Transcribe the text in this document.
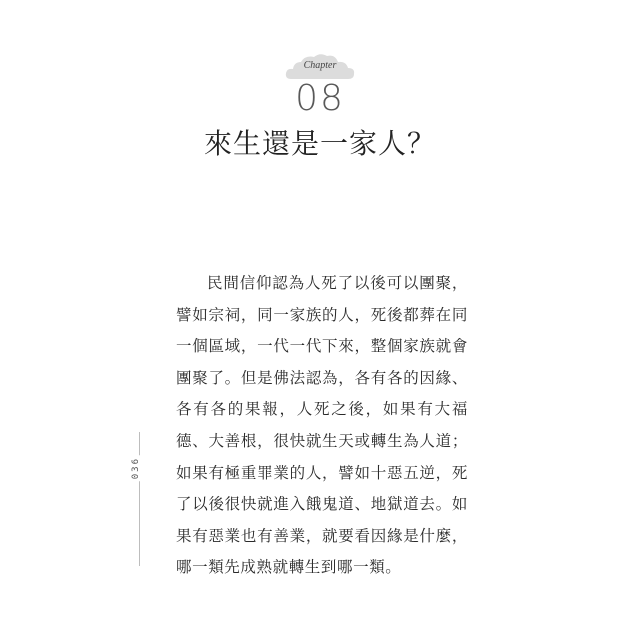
Chapter
08
來生還是一家人？

民間信仰認為人死了以後可以團聚，譬如宗祠，同一家族的人，死後都葬在同一個區域，一代一代下來，整個家族就會團聚了。但是佛法認為，各有各的因緣、各有各的果報，人死之後，如果有大福德、大善根，很快就生天或轉生為人道；如果有極重罪業的人，譬如十惡五逆，死了以後很快就進入餓鬼道、地獄道去。如果有惡業也有善業，就要看因緣是什麼，哪一類先成熟就轉生到哪一類。

036
